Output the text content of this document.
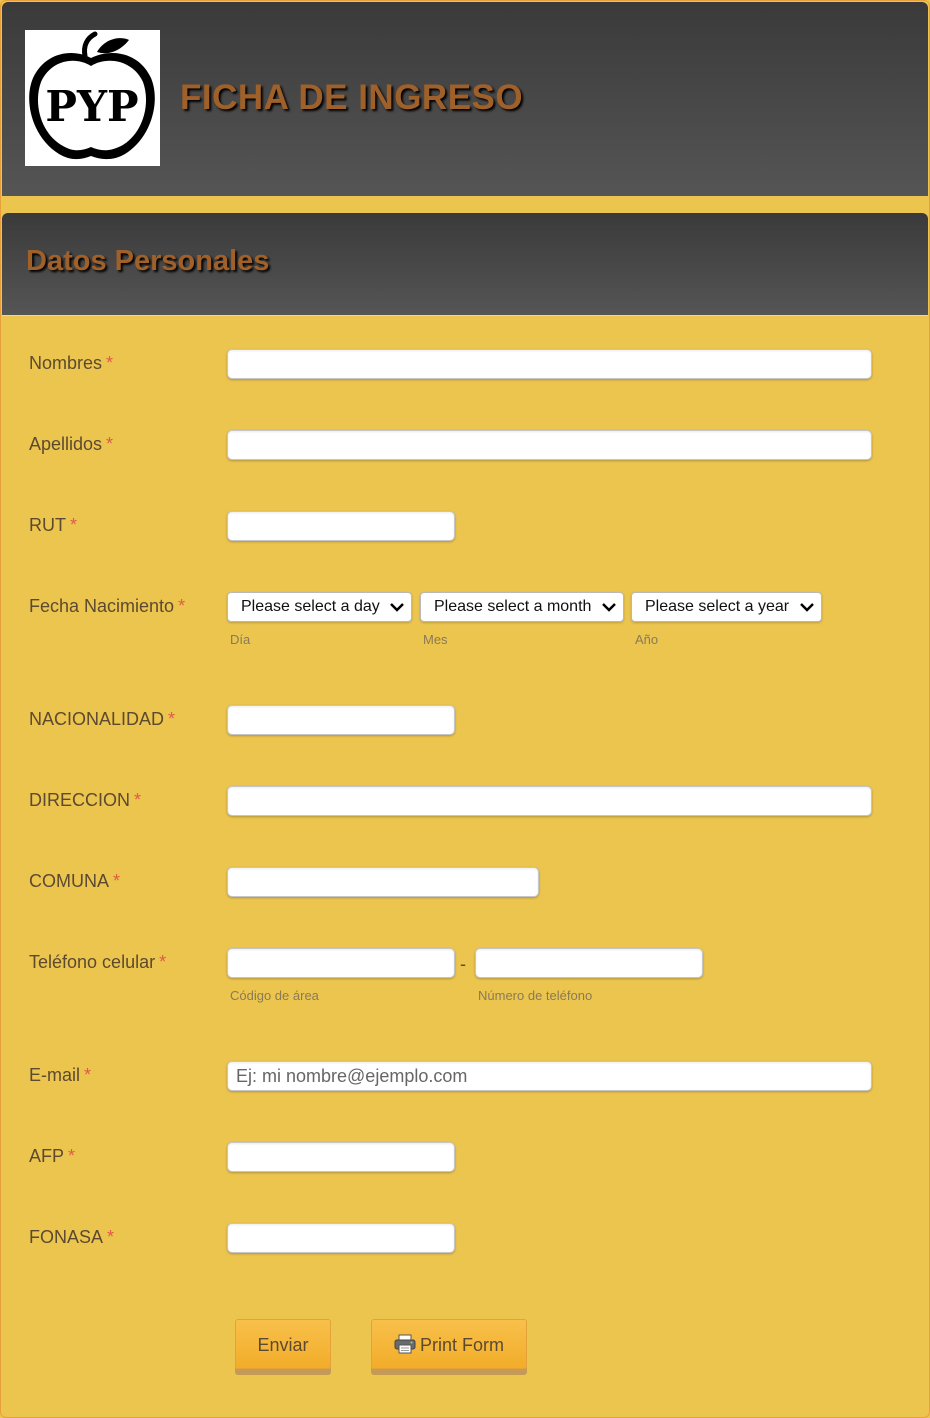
PYP FICHA DE INGRESO
Datos Personales
Nombres *
Apellidos *
RUT *
Fecha Nacimiento *	Please select a day	Please select a month	Please select a year
Día	Mes	Año
NACIONALIDAD *
DIRECCION *
COMUNA *
Teléfono celular *	-
Código de área	Número de teléfono
E-mail *
Ej: mi nombre@ejemplo.com
AFP *
FONASA *
Enviar	Print Form
